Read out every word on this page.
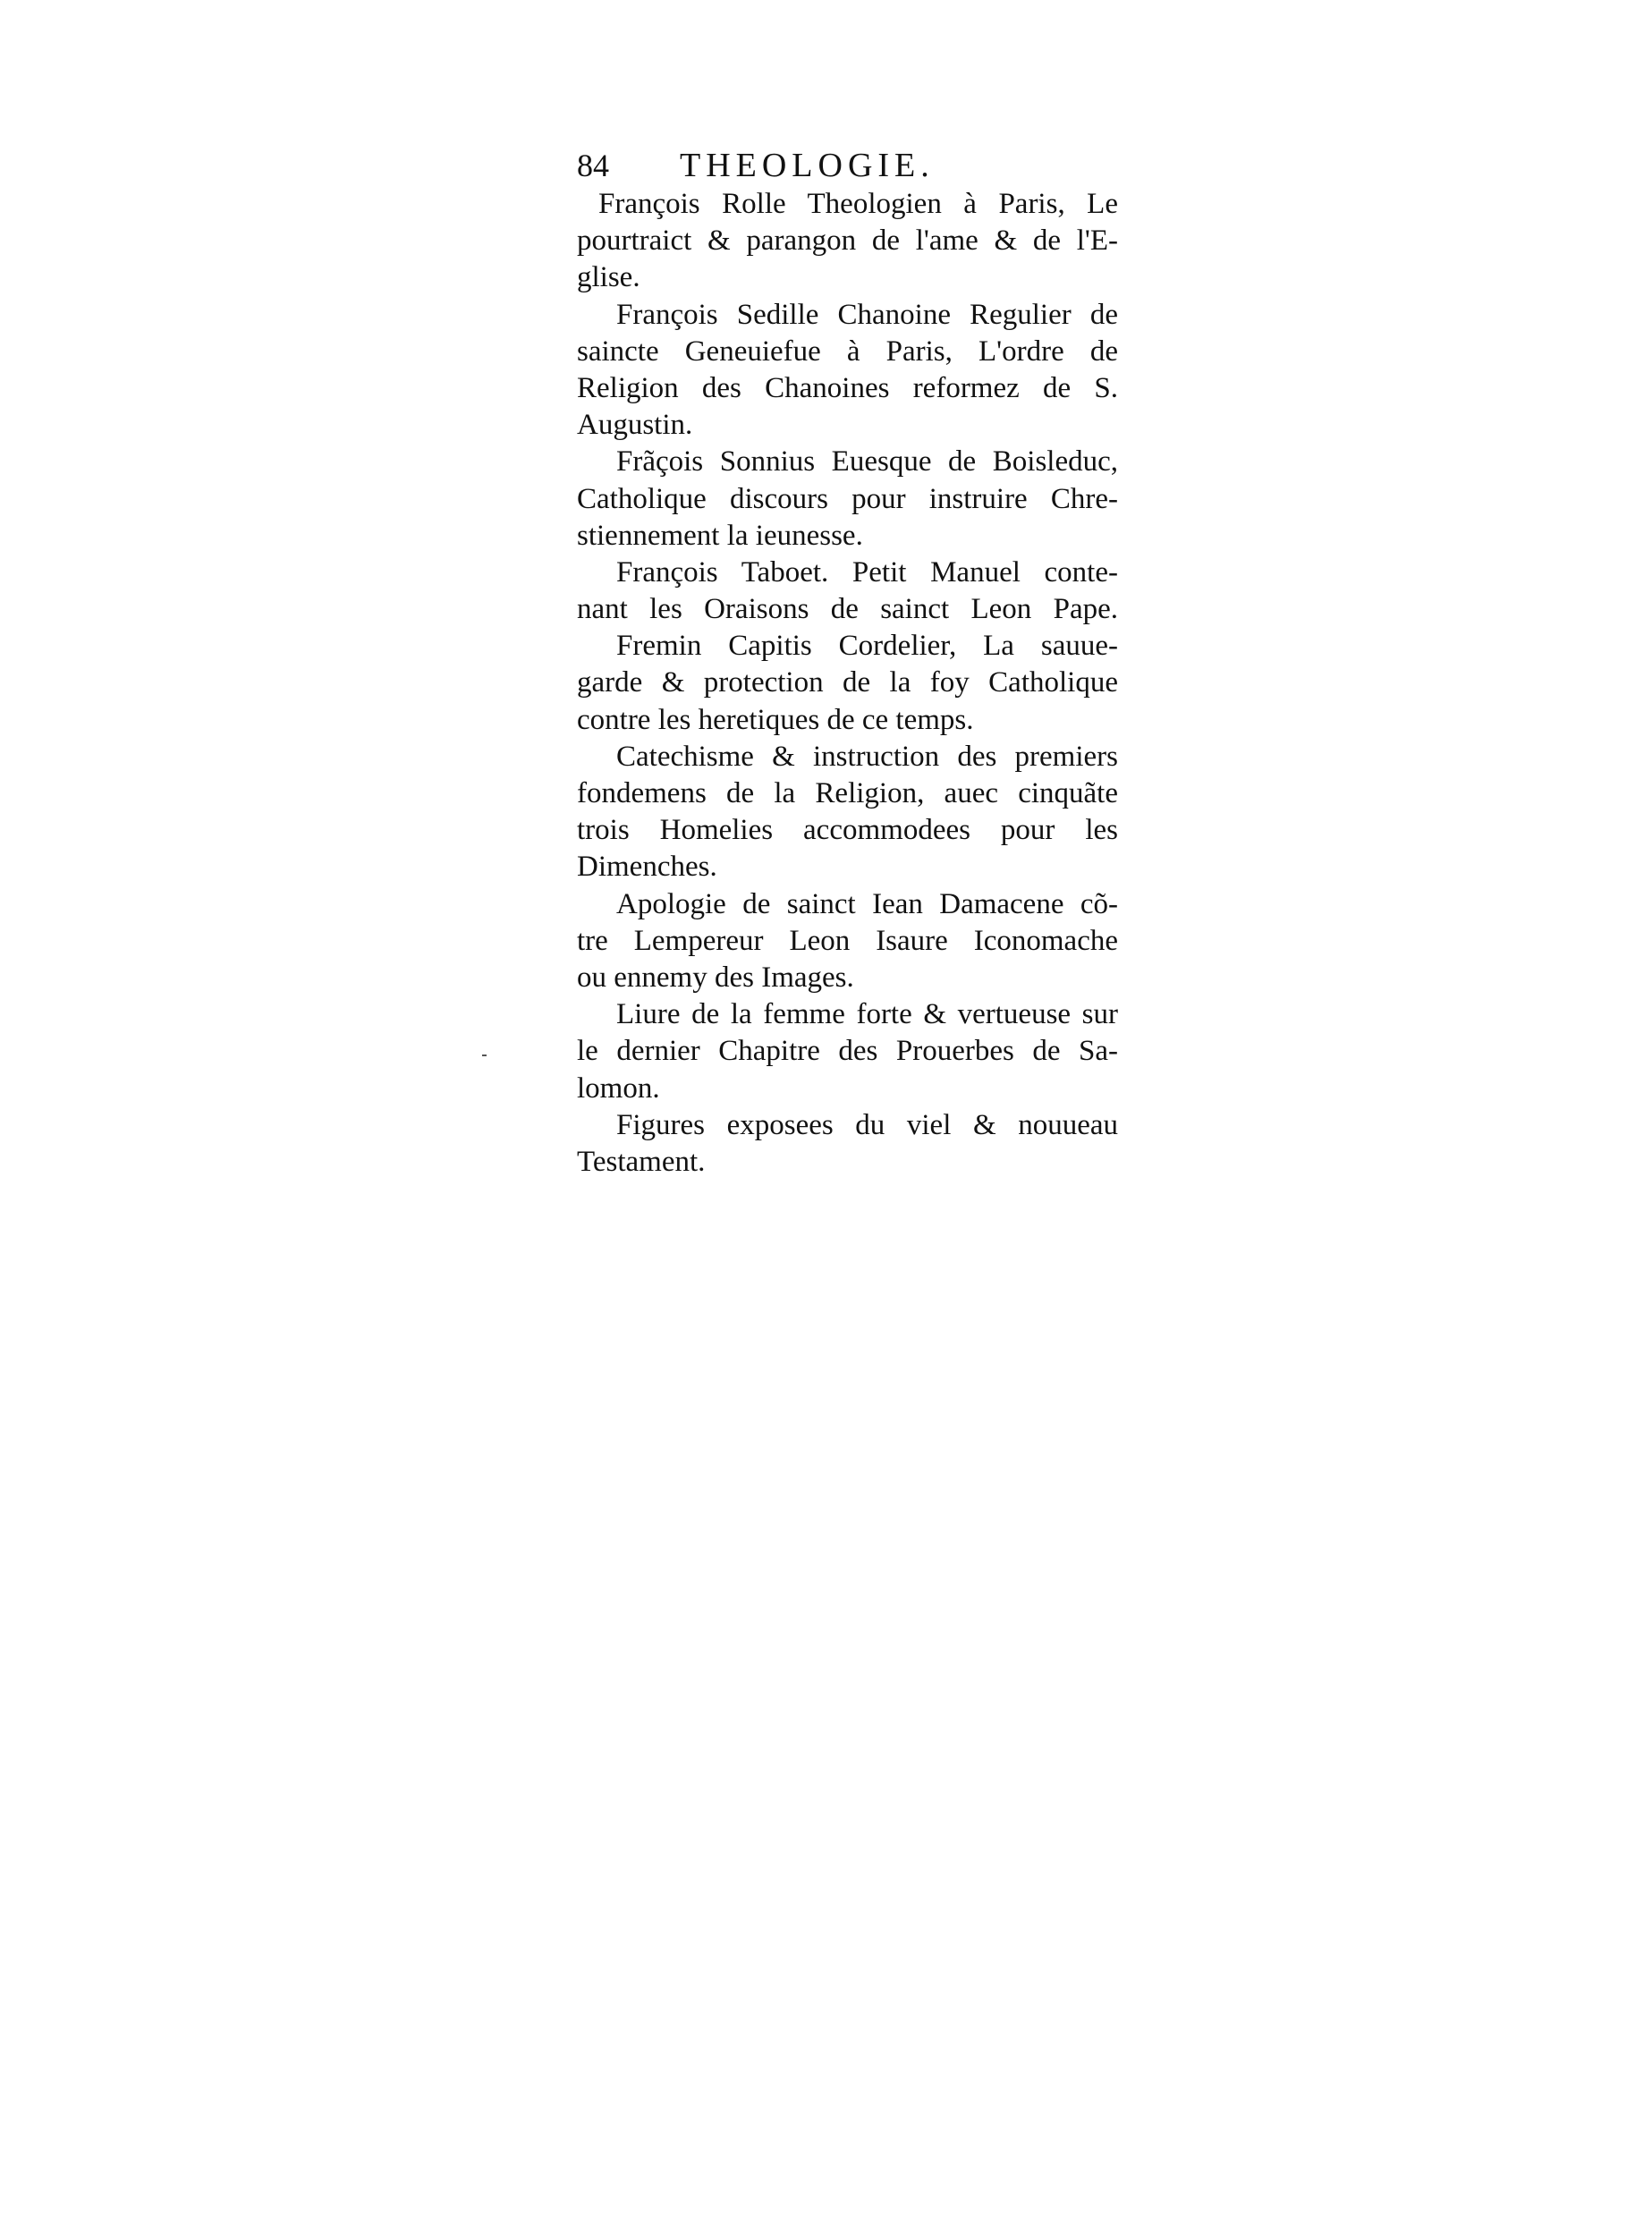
84 THEOLOGIE.
François Rolle Theologien à Paris, Le
pourtraict & parangon de l'ame & de l'E-
glise.
François Sedille Chanoine Regulier de
saincte Geneuiefue à Paris, L'ordre de
Religion des Chanoines reformez de S.
Augustin.
Frãçois Sonnius Euesque de Boisleduc,
Catholique discours pour instruire Chre-
stiennement la ieunesse.
François Taboet. Petit Manuel conte-
nant les Oraisons de sainct Leon Pape.
Fremin Capitis Cordelier, La sauue-
garde & protection de la foy Catholique
contre les heretiques de ce temps.
Catechisme & instruction des premiers
fondemens de la Religion, auec cinquãte
trois Homelies accommodees pour les
Dimenches.
Apologie de sainct Iean Damacene cõ-
tre Lempereur Leon Isaure Iconomache
ou ennemy des Images.
Liure de la femme forte & vertueuse sur
le dernier Chapitre des Prouerbes de Sa-
lomon.
Figures exposees du viel & nouueau
Testament.
